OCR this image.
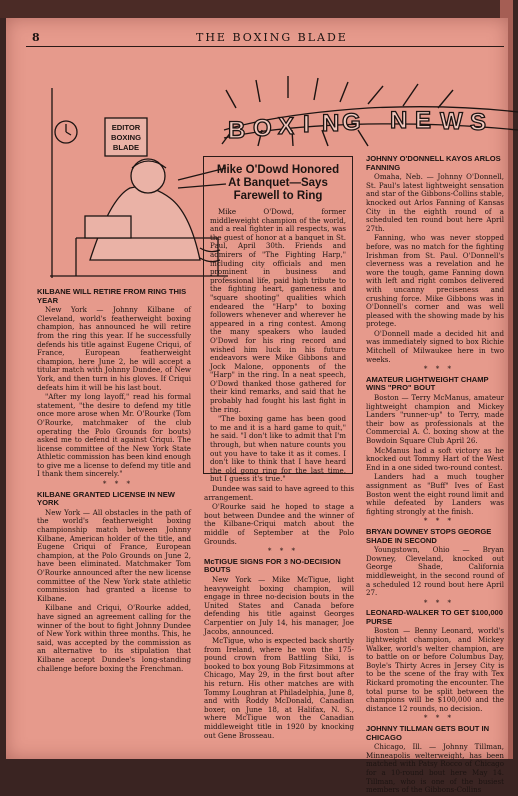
8	THE BOXING BLADE
B O X I N G N E W S
EDITOR
BOXING
BLADE
Mike O'Dowd Honored At Banquet—Says Farewell to Ring

Mike O'Dowd, former middleweight champion of the world, and a real fighter in all respects, was the guest of honor at a banquet in St. Paul, April 30th. Friends and admirers of "The Fighting Harp," including city officials and men prominent in business and professional life, paid high tribute to the fighting heart, gameness and "square shooting" qualities which endeared the "Harp" to boxing followers whenever and wherever he appeared in a ring contest. Among the many speakers who lauded O'Dowd for his ring record and wished him luck in his future endeavors were Mike Gibbons and Jock Malone, opponents of the "Harp" in the ring. In a neat speech, O'Dowd thanked those gathered for their kind remarks, and said that he probably had fought his last fight in the ring.

"The boxing game has been good to me and it is a hard game to quit," he said. "I don't like to admit that I'm through, but when nature counts you out you have to take it as it comes. I don't like to think that I have heard the old gong ring for the last time, but I guess it's true."

KILBANE WILL RETIRE FROM RING THIS YEAR

New York — Johnny Kilbane of Cleveland, world's featherweight boxing champion, has announced he will retire from the ring this year. If he successfully defends his title against Eugene Criqui, of France, European featherweight champion, here June 2, he will accept a titular match with Johnny Dundee, of New York, and then turn in his gloves. If Criqui defeats him it will be his last bout.

"After my long layoff," read his formal statement, "the desire to defend my title once more arose when Mr. O'Rourke (Tom O'Rourke, matchmaker of the club operating the Polo Grounds for bouts) asked me to defend it against Criqui. The license committee of the New York State Athletic commission has been kind enough to give me a license to defend my title and I thank them sincerely."

* * *

KILBANE GRANTED LICENSE IN NEW YORK

New York — All obstacles in the path of the world's featherweight boxing championship match between Johnny Kilbane, American holder of the title, and Eugene Criqui of France, European champion, at the Polo Grounds on June 2, have been eliminated. Matchmaker Tom O'Rourke announced after the new license committee of the New York state athletic commission had granted a license to Kilbane.

Kilbane and Criqui, O'Rourke added, have signed an agreement calling for the winner of the bout to fight Johnny Dundee of New York within three months. This, he said, was accepted by the commission as an alternative to its stipulation that Kilbane accept Dundee's long-standing challenge before boxing the Frenchman.

Dundee was said to have agreed to this arrangement.

O'Rourke said he hoped to stage a bout between Dundee and the winner of the Kilbane-Criqui match about the middle of September at the Polo Grounds.

* * *

McTIGUE SIGNS FOR 3 NO-DECISION BOUTS

New York — Mike McTigue, light heavyweight boxing champion, will engage in three no-decision bouts in the United States and Canada before defending his title against Georges Carpentier on July 14, his manager, Joe Jacobs, announced.

McTigue, who is expected back shortly from Ireland, where he won the 175-pound crown from Battling Siki, is booked to box young Bob Fitzsimmons at Chicago, May 29, in the first bout after his return. His other matches are with Tommy Loughran at Philadelphia, June 8, and with Roddy McDonald, Canadian boxer, on June 18, at Halifax, N. S., where McTigue won the Canadian middleweight title in 1920 by knocking out Gene Brosseau.

JOHNNY O'DONNELL KAYOS ARLOS FANNING

Omaha, Neb. — Johnny O'Donnell, St. Paul's latest lightweight sensation and star of the Gibbons-Collins stable, knocked out Arlos Fanning of Kansas City in the eighth round of a scheduled ten round bout here April 27th.

Fanning, who was never stopped before, was no match for the fighting Irishman from St. Paul. O'Donnell's cleverness was a revelation and he wore the tough, game Fanning down with left and right combos delivered with uncanny preciseness and crushing force. Mike Gibbons was in O'Donnell's corner and was well pleased with the showing made by his protege.

O'Donnell made a decided hit and was immediately signed to box Richie Mitchell of Milwaukee here in two weeks.

* * *

AMATEUR LIGHTWEIGHT CHAMP WINS "PRO" BOUT

Boston — Terry McManus, amateur lightweight champion and Mickey Landers "runner-up" to Terry, made their bow as professionals at the Commercial A. C. boxing show at the Bowdoin Square Club April 26.

McManus had a soft victory as he knocked out Tommy Hart of the West End in a one sided two-round contest.

Landers had a much tougher assignment as "Buff" Ives of East Boston went the eight round limit and while defeated by Landers was fighting strongly at the finish.

* * *

BRYAN DOWNEY STOPS GEORGE SHADE IN SECOND

Youngstown, Ohio — Bryan Downey, Cleveland, knocked out George Shade, California middleweight, in the second round of a scheduled 12 round bout here April 27.

* * *

LEONARD-WALKER TO GET $100,000 PURSE

Boston — Benny Leonard, world's lightweight champion, and Mickey Walker, world's welter champion, are to battle on or before Columbus Day, Boyle's Thirty Acres in Jersey City is to be the scene of the fray with Tex Rickard promoting the encounter. The total purse to be split between the champions will be $100,000 and the distance 12 rounds, no decision.

* * *

JOHNNY TILLMAN GETS BOUT IN CHICAGO

Chicago, Ill. — Johnny Tillman, Minneapolis welterweight, has been matched with Patsy Rocco of Chicago for a 10-round bout here May 14. Tillman, who is one of the busiest members of the Gibbons-Collins
